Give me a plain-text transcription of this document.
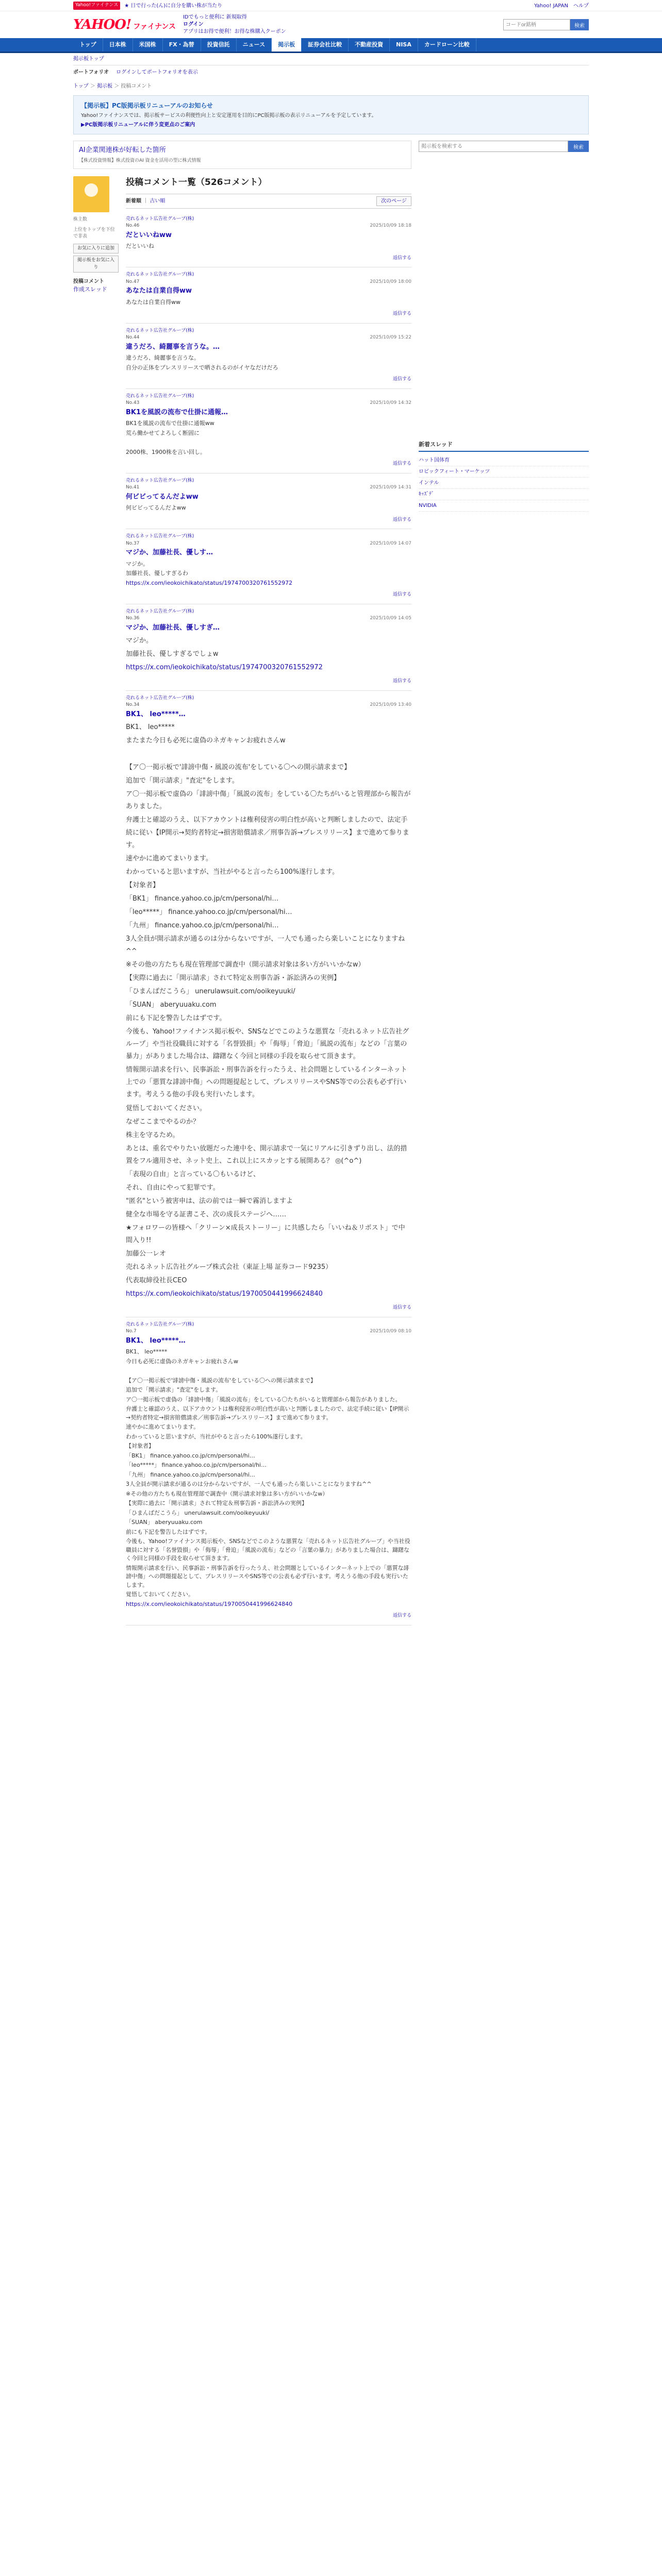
Yahoo!ファイナンス	★ 日で行った(ん)に自分を購い株が当たり	Yahoo! JAPAN ヘルプ
YAHOO! ファイナンス
IDでもっと便利に 新規取得
ログイン
アプリはお得で便利！お得な株購入クーポン
コードor銘柄
検索
トップ	日本株	米国株	FX・為替	投資信託	ニュース	掲示板	証券会社比較	不動産投資	NISA	カードローン比較
掲示板トップ
ポートフォリオ ログインしてポートフォリオを表示
トップ ＞ 掲示板 ＞ 投稿コメント
【掲示板】PC版掲示板リニューアルのお知らせ
Yahoo!ファイナンスでは、掲示板サービスの利便性向上と安定運用を目的にPC版掲示板の表示リニューアルを予定しています。
▶PC版掲示板リニューアルに伴う変更点のご案内
AI企業関連株が好転した箇所
【株式投資情報】株式投資のAI 資金を活用の型に株式情報
株主数
上位をトップを下位で非表
お気に入りに追加
掲示板をお気に入り
投稿コメント
作成スレッド
投稿コメント一覧（526コメント）
新着順 ｜ 古い順	次のページ
売れるネット広告社グループ(株)
No.46	2025/10/09 18:18
だといいねww

だといいね

返信する
売れるネット広告社グループ(株)
No.47	2025/10/09 18:00
あなたは自業自得ww

あなたは自業自得ww

返信する
売れるネット広告社グループ(株)
No.44	2025/10/09 15:22
違うだろ、綺麗事を言うな。…

違うだろ、綺麗事を言うな。

自分の正体をプレスリリースで晒されるのがイヤなだけだろ

返信する
売れるネット広告社グループ(株)
No.43	2025/10/09 14:32
BK1を風説の流布で仕掛に通報…

BK1を風説の流布で仕掛に通報ww

荒ら働かせてよろしく断固に

2000株、1900株を言い回し。

返信する
売れるネット広告社グループ(株)
No.41	2025/10/09 14:31
何ビビってるんだよww

何ビビってるんだよww

返信する
売れるネット広告社グループ(株)
No.37	2025/10/09 14:07
マジか、加藤社長、優しす…

マジか。

加藤社長、優しすぎるわ

https://x.com/ieokoichikato/status/1974700320761552972

返信する
売れるネット広告社グループ(株)
No.36	2025/10/09 14:05
マジか、加藤社長、優しすぎ…

マジか。

加藤社長、優しすぎるでしょw

https://x.com/ieokoichikato/status/1974700320761552972

返信する
売れるネット広告社グループ(株)
No.34	2025/10/09 13:40
BK1、 leo*****…

BK1、 leo*****

またまた今日も必死に虚偽のネガキャンお疲れさんw

【ア〇一掲示板で'誹謗中傷・風説の流布'をしている〇への開示請求まで】

追加で「開示請求」"査定"をします。

ア〇一掲示板で虚偽の「誹謗中傷」「風説の流布」をしている〇たちがいると管理部から報告がありました。

弁護士と確認のうえ、以下アカウントは権利侵害の明白性が高いと判断しましたので、法定手続に従い【IP開示→契約者特定→損害賠償請求／刑事告訴→プレスリリース】まで進めて参ります。

速やかに進めてまいります。

わかっていると思いますが、当社がやると言ったら100%遂行します。

【対象者】

「BK1」 finance.yahoo.co.jp/cm/personal/hi…

「leo*****」 finance.yahoo.co.jp/cm/personal/hi…

「九州」 finance.yahoo.co.jp/cm/personal/hi…

3人全員が開示請求が通るのは分からないですが、一人でも通ったら楽しいことになりますね^^

※その他の方たちも現在管理部で調査中（開示請求対象は多い方がいいかなw）

【実際に過去に「開示請求」されて特定＆刑事告訴・訴訟済みの実例】

「ひまんばだこうら」 unerulawsuit.com/ooikeyuuki/

「SUAN」 aberyuuaku.com

前にも下記を警告したはずです。

今後も、Yahoo!ファイナンス掲示板や、SNSなどでこのような悪質な「売れるネット広告社グループ」や当社役職員に対する「名誉毀損」や「侮辱」「脅迫」「風説の流布」などの「言葉の暴力」がありました場合は、躊躇なく今回と同様の手段を取らせて頂きます。

情報開示請求を行い、民事訴訟・刑事告訴を行ったうえ、社会問題としているインターネット上での「悪質な誹謗中傷」への問題提起として、プレスリリースやSNS等での公表も必ず行います。考えうる他の手段も実行いたします。

覚悟しておいてください。

なぜここまでやるのか？

株主を守るため。

あとは、重名でやりたい放題だった連中を、開示請求で一気にリアルに引きずり出し、法的措置をフル適用させ、ネット史上、これ以上にスカッとする展開ある？ ◎(^o^)

「表現の自由」と言っている〇もいるけど、

それ、自由にやって犯罪です。

"匿名"という被害申は、法の前では一瞬で霧消しますよ

健全な市場を守る証書こそ、次の成長ステージへ……

★フォロワーの皆様へ「クリーン×成長ストーリー」に共感したら「いいね＆リポスト」で中間入り!!

加藤公一レオ

売れるネット広告社グループ株式会社（東証上場 証券コード9235）

代表取締役社長CEO

https://x.com/ieokoichikato/status/1970050441996624840

返信する
売れるネット広告社グループ(株)
No.7	2025/10/09 08:10
BK1、 leo*****…

BK1、 leo*****

今日も必死に虚偽のネガキャンお疲れさんw

【ア〇一掲示板で'誹謗中傷・風説の流布'をしている〇への開示請求まで】

追加で「開示請求」"査定"をします。

ア〇一掲示板で虚偽の「誹謗中傷」「風説の流布」をしている〇たちがいると管理部から報告がありました。

弁護士と確認のうえ、以下アカウントは権利侵害の明白性が高いと判断しましたので、法定手続に従い【IP開示→契約者特定→損害賠償請求／刑事告訴→プレスリリース】まで進めて参ります。

速やかに進めてまいります。

わかっていると思いますが、当社がやると言ったら100%遂行します。

【対象者】

「BK1」 finance.yahoo.co.jp/cm/personal/hi…

「leo*****」 finance.yahoo.co.jp/cm/personal/hi…

「九州」 finance.yahoo.co.jp/cm/personal/hi…

3人全員が開示請求が通るのは分からないですが、一人でも通ったら楽しいことになりますね^^

※その他の方たちも現在管理部で調査中（開示請求対象は多い方がいいかなw）

【実際に過去に「開示請求」されて特定＆刑事告訴・訴訟済みの実例】

「ひまんばだこうら」 unerulawsuit.com/ooikeyuuki/

「SUAN」 aberyuuaku.com

前にも下記を警告したはずです。

今後も、Yahoo!ファイナンス掲示板や、SNSなどでこのような悪質な「売れるネット広告社グループ」や当社役職員に対する「名誉毀損」や「侮辱」「脅迫」「風説の流布」などの「言葉の暴力」がありました場合は、躊躇なく今回と同様の手段を取らせて頂きます。

情報開示請求を行い、民事訴訟・刑事告訴を行ったうえ、社会問題としているインターネット上での「悪質な誹謗中傷」への問題提起として、プレスリリースやSNS等での公表も必ず行います。考えうる他の手段も実行いたします。

覚悟しておいてください。

https://x.com/ieokoichikato/status/1970050441996624840

返信する
掲示板を検索する
検索
新着スレッド
ハット国体育
ロビックフィート・マーケッツ
インテル
ｷｯｽﾞﾃﾞ
NVIDIA
